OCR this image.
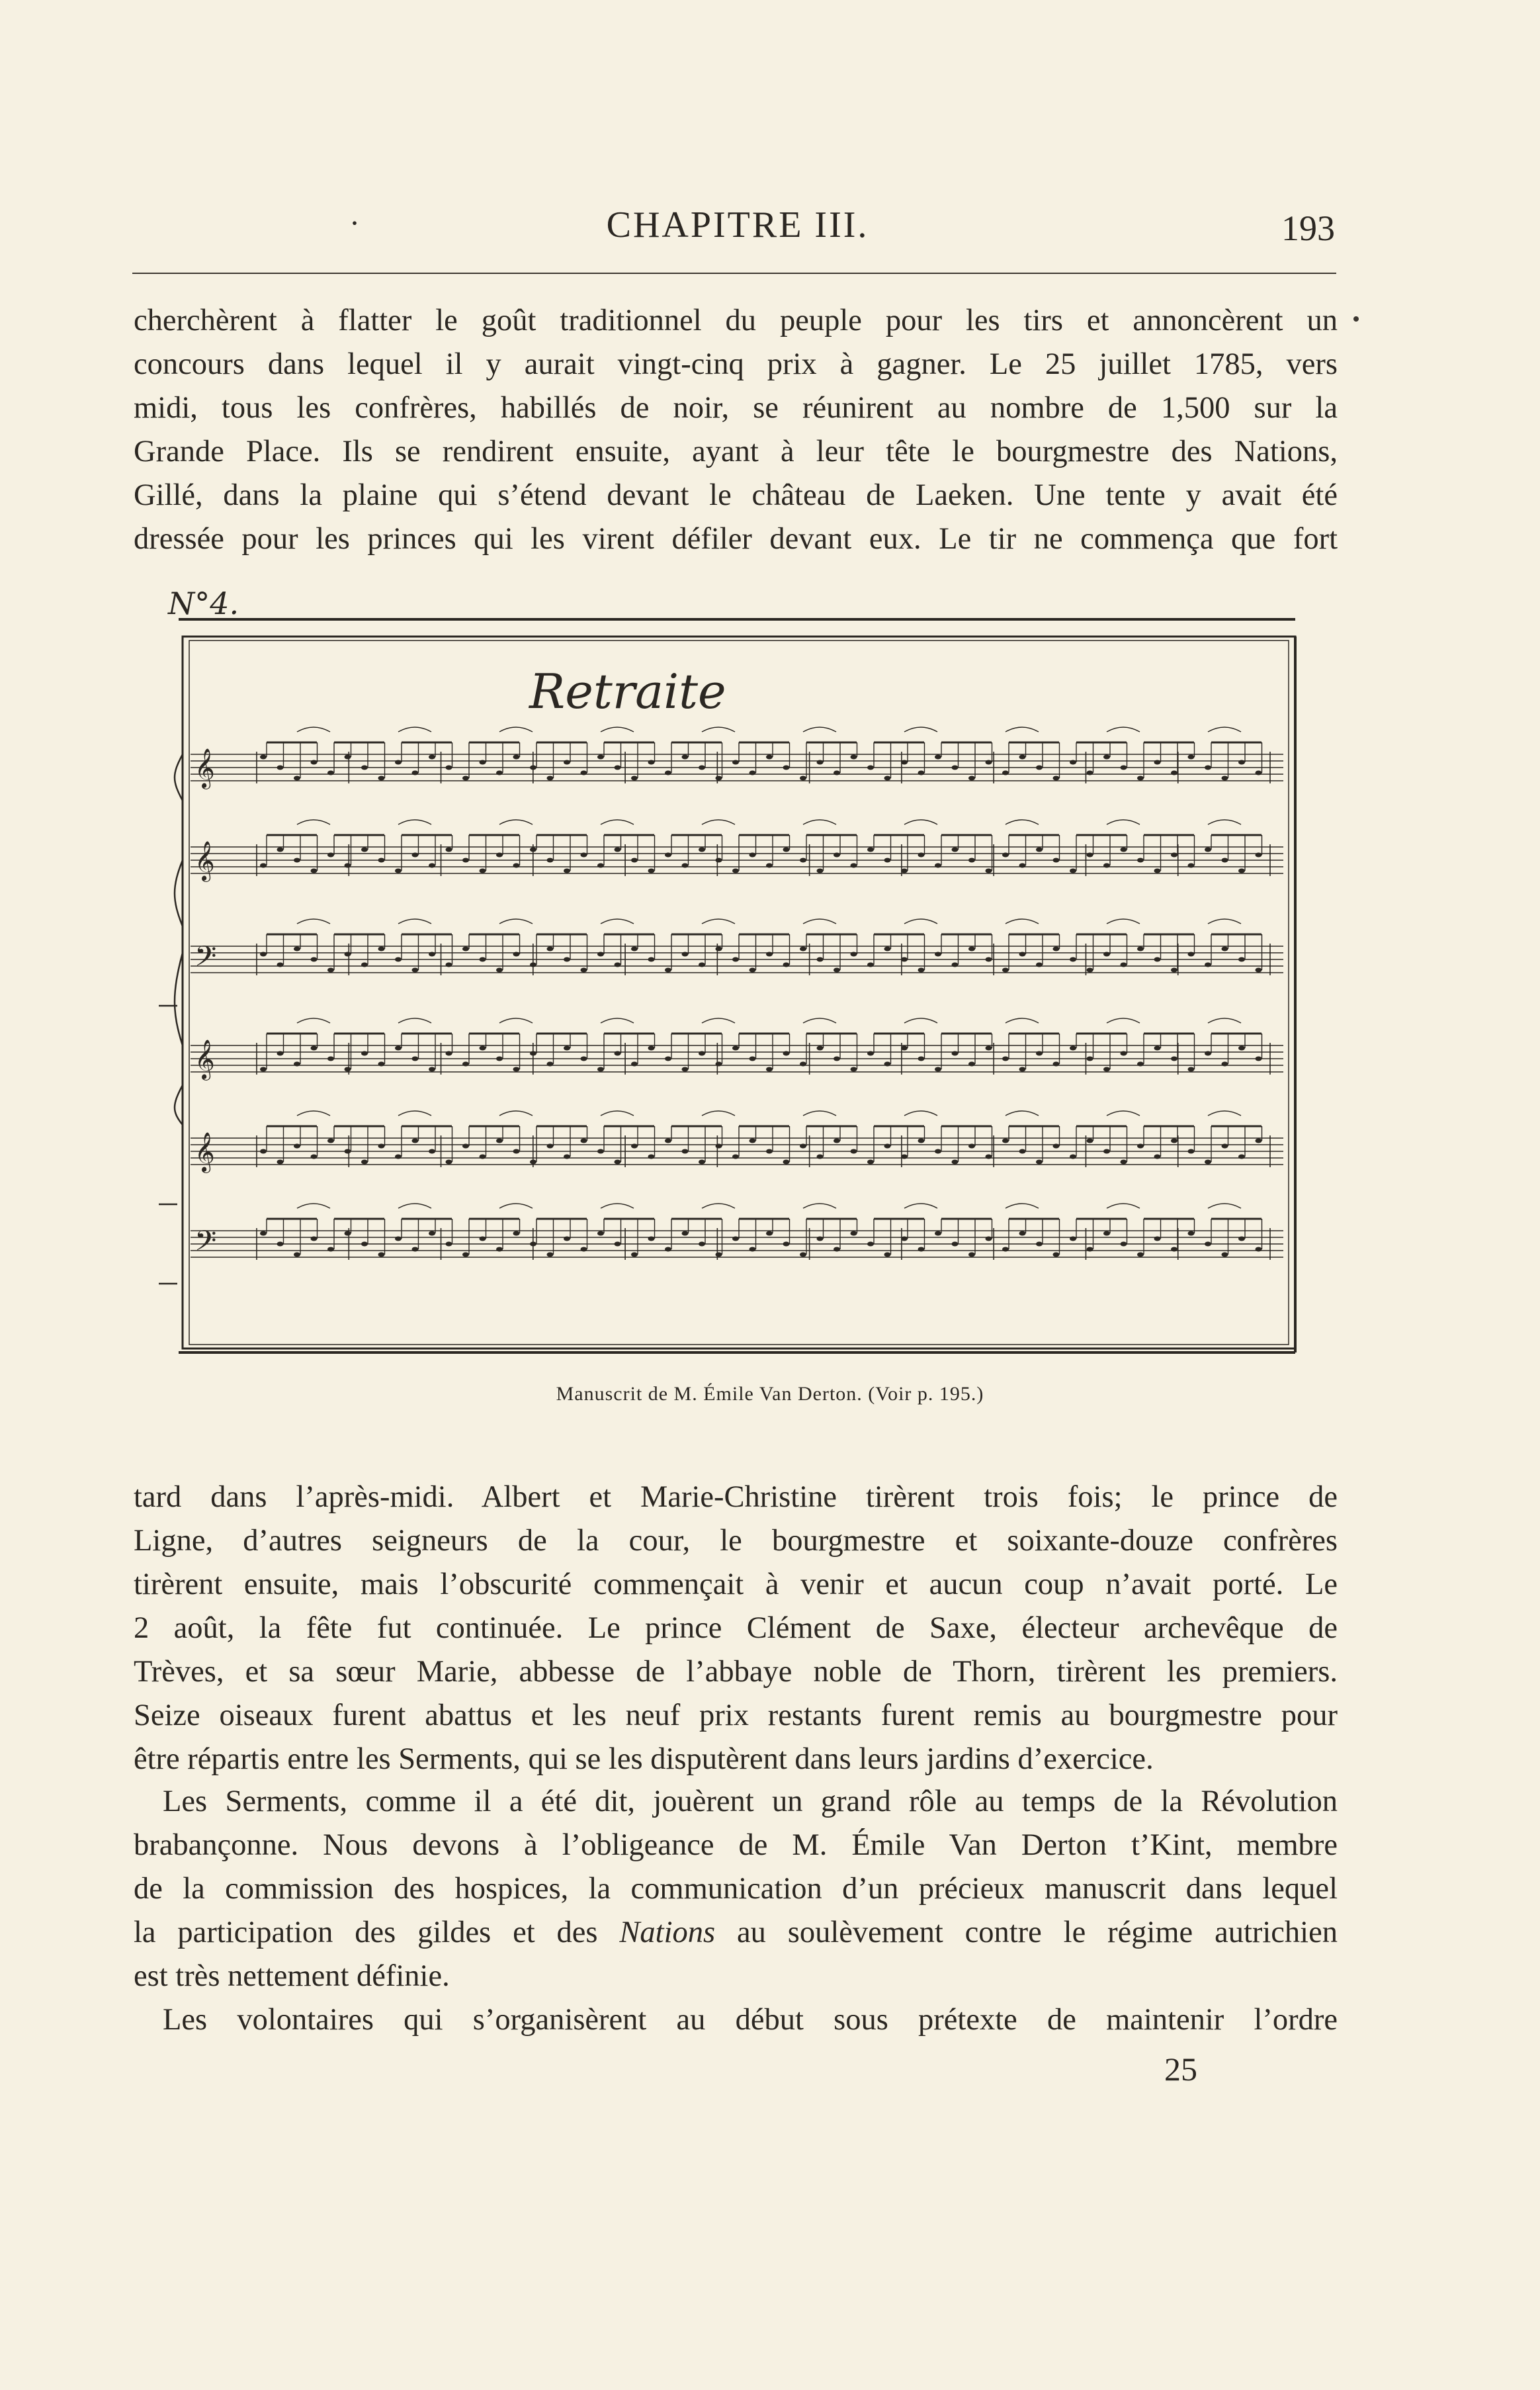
·	CHAPITRE III.	193
cherchèrent à flatter le goût traditionnel du peuple pour les tirs et annoncèrent un
concours dans lequel il y aurait vingt-cinq prix à gagner. Le 25 juillet 1785, vers
midi, tous les confrères, habillés de noir, se réunirent au nombre de 1,500 sur la
Grande Place. Ils se rendirent ensuite, ayant à leur tête le bourgmestre des Nations,
Gillé, dans la plaine qui s’étend devant le château de Laeken. Une tente y avait été
dressée pour les princes qui les virent défiler devant eux. Le tir ne commença que fort
N°4.
Retraite
𝄞
𝄞
𝄢
𝄞
𝄞
𝄢
Manuscrit de M. Émile Van Derton. (Voir p. 195.)
tard dans l’après-midi. Albert et Marie-Christine tirèrent trois fois; le prince de
Ligne, d’autres seigneurs de la cour, le bourgmestre et soixante-douze confrères
tirèrent ensuite, mais l’obscurité commençait à venir et aucun coup n’avait porté. Le
2 août, la fête fut continuée. Le prince Clément de Saxe, électeur archevêque de
Trèves, et sa sœur Marie, abbesse de l’abbaye noble de Thorn, tirèrent les premiers.
Seize oiseaux furent abattus et les neuf prix restants furent remis au bourgmestre pour
être répartis entre les Serments, qui se les disputèrent dans leurs jardins d’exercice.
Les Serments, comme il a été dit, jouèrent un grand rôle au temps de la Révolution
brabançonne. Nous devons à l’obligeance de M. Émile Van Derton t’Kint, membre
de la commission des hospices, la communication d’un précieux manuscrit dans lequel
la participation des gildes et des Nations au soulèvement contre le régime autrichien
est très nettement définie.
Les volontaires qui s’organisèrent au début sous prétexte de maintenir l’ordre
25
